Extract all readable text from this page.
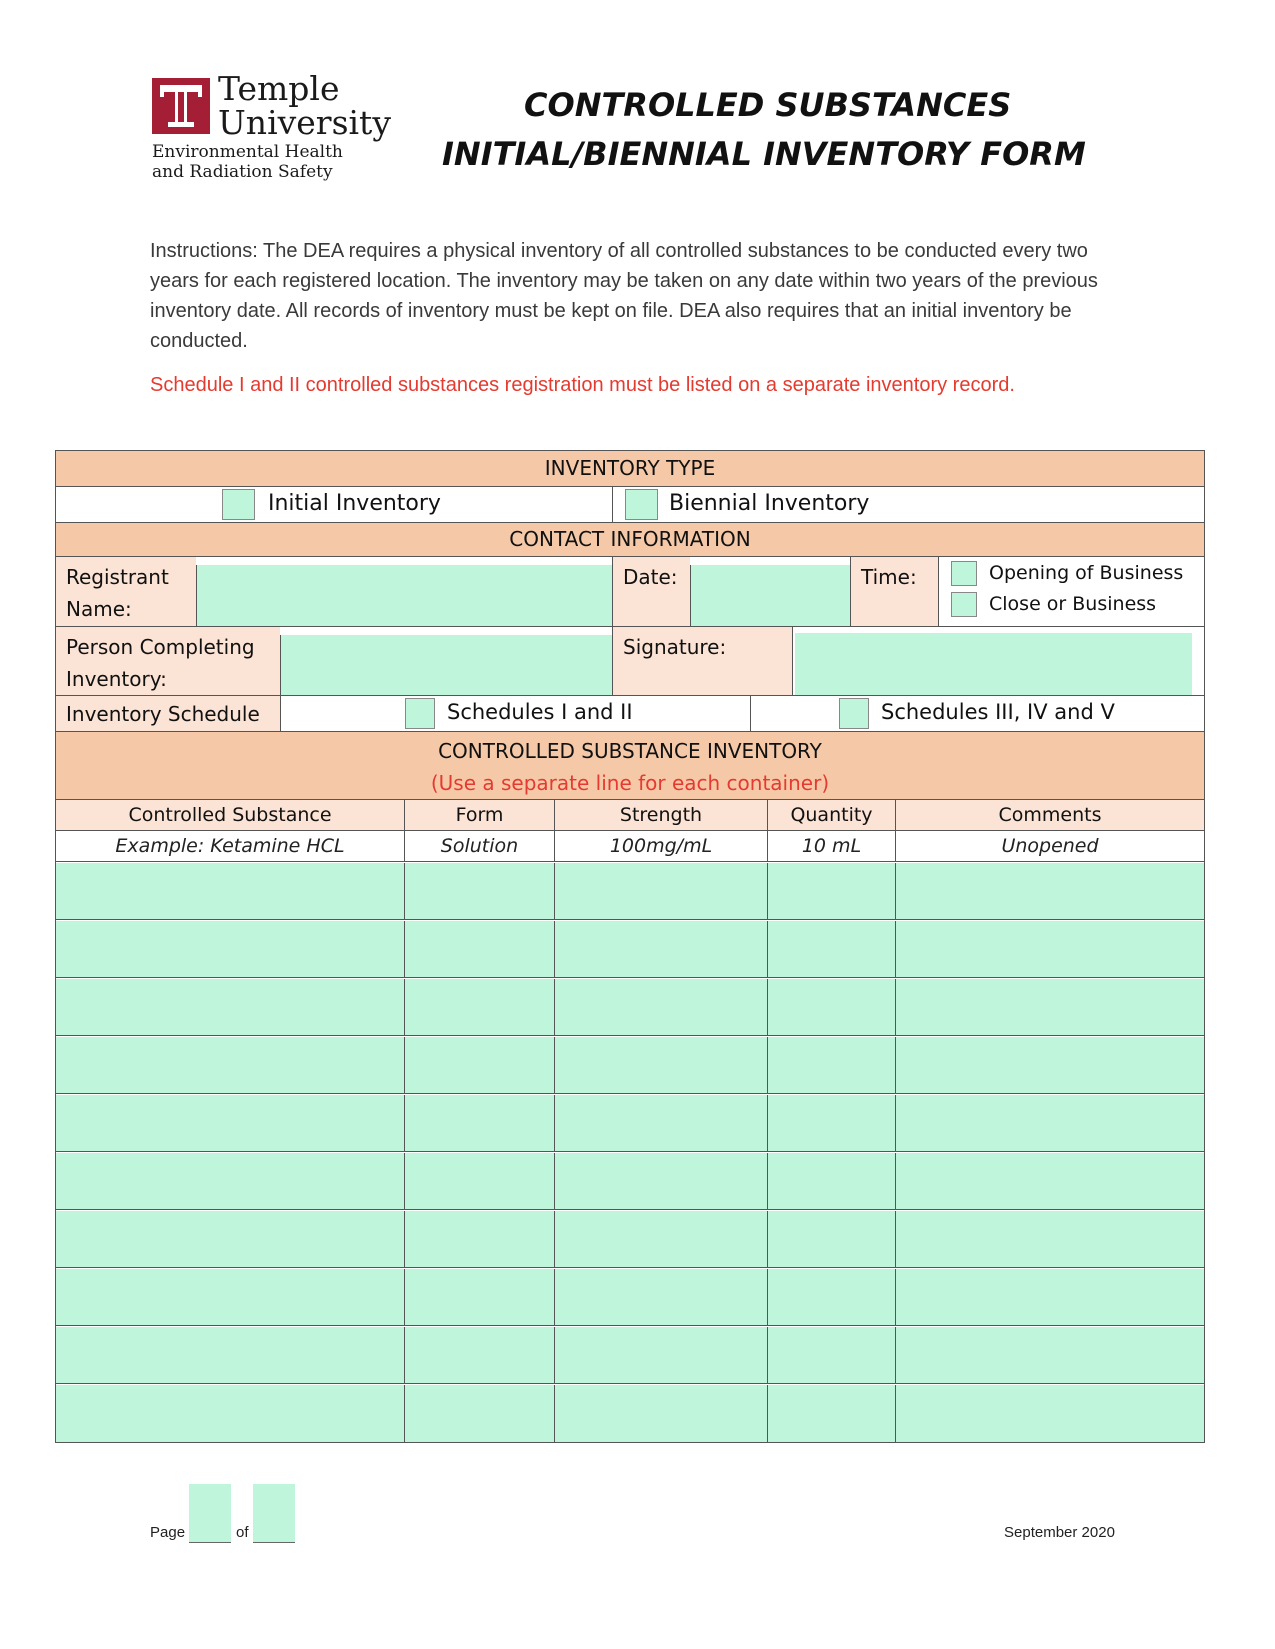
Temple
University
Environmental Health
and Radiation Safety
CONTROLLED SUBSTANCES
INITIAL/BIENNIAL INVENTORY FORM
Instructions: The DEA requires a physical inventory of all controlled substances to be conducted every two years for each registered location. The inventory may be taken on any date within two years of the previous inventory date. All records of inventory must be kept on file. DEA also requires that an initial inventory be conducted.
Schedule I and II controlled substances registration must be listed on a separate inventory record.
INVENTORY TYPE
Initial Inventory	Biennial Inventory
CONTACT INFORMATION
Registrant
Name:
Date:	Time:	Opening of Business
Close or Business
Person Completing
Inventory:
Signature:
Inventory Schedule	Schedules I and II	Schedules III, IV and V
CONTROLLED SUBSTANCE INVENTORY
(Use a separate line for each container)
Controlled Substance	Form	Strength	Quantity	Comments
Example: Ketamine HCL	Solution	100mg/mL	10 mL	Unopened
Page	of	September 2020
